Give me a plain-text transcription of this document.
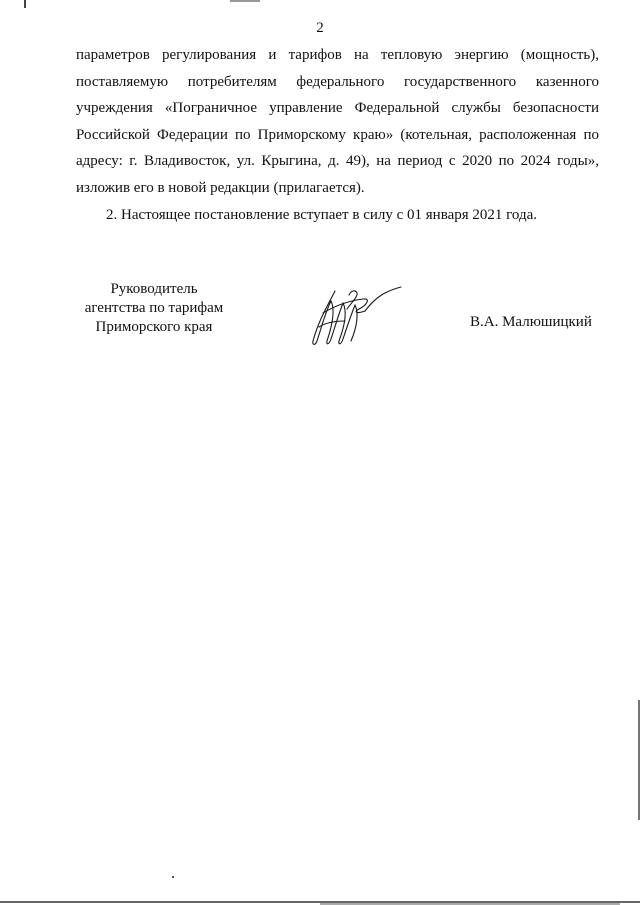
2

параметров регулирования и тарифов на тепловую энергию (мощность),
поставляемую потребителям федерального государственного казенного
учреждения «Пограничное управление Федеральной службы безопасности
Российской Федерации по Приморскому краю» (котельная, расположенная по
адресу: г. Владивосток, ул. Крыгина, д. 49), на период с 2020 по 2024 годы»,
изложив его в новой редакции (прилагается).

2. Настоящее постановление вступает в силу с 01 января 2021 года.

Руководитель
агентства по тарифам
Приморского края	В.А. Малюшицкий
